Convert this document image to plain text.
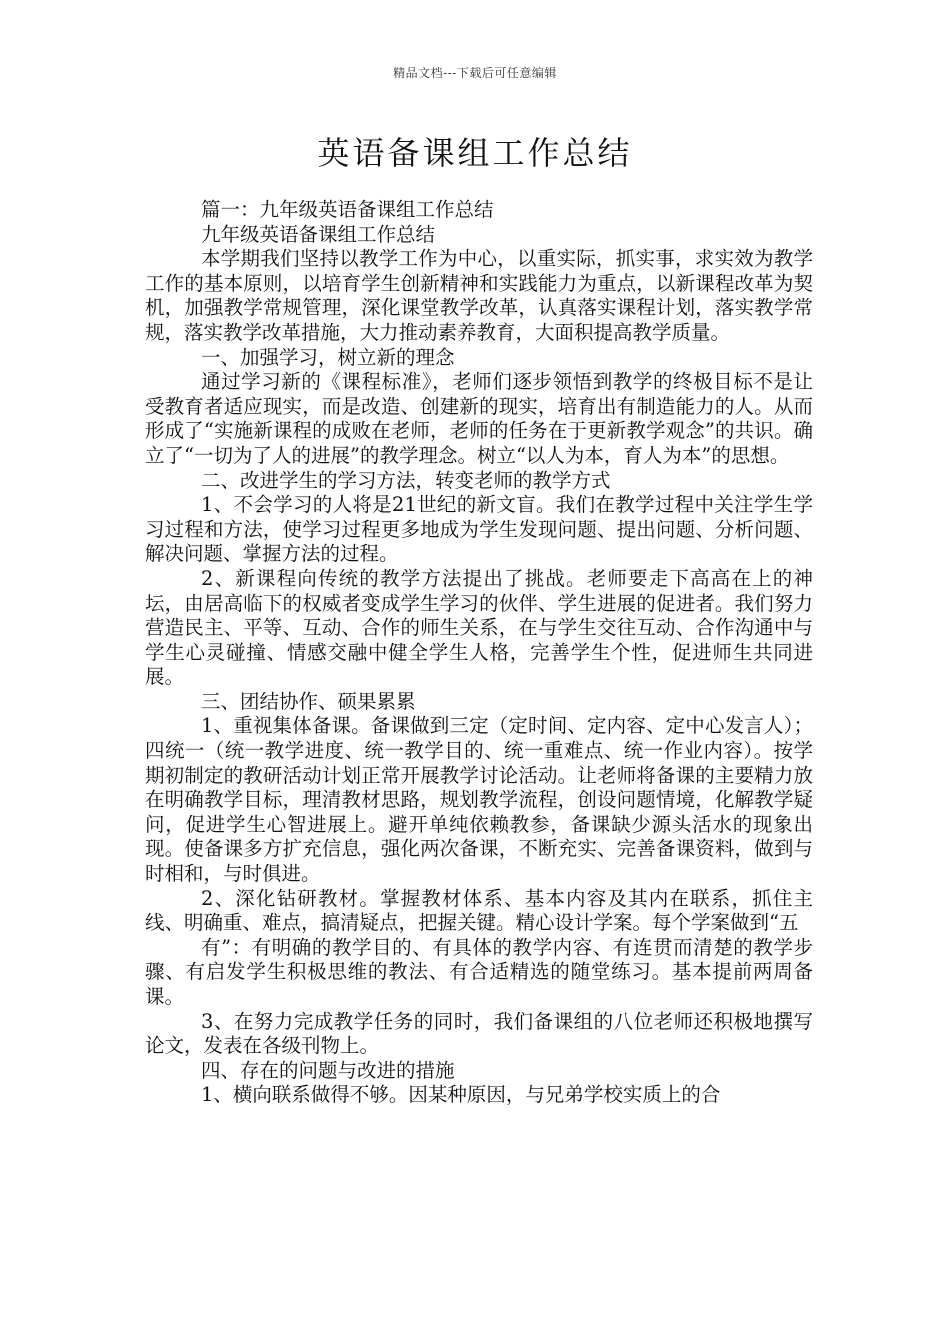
精品文档---下载后可任意编辑
英语备课组工作总结

篇一：九年级英语备课组工作总结

九年级英语备课组工作总结

本学期我们坚持以教学工作为中心，以重实际，抓实事，求实效为教学工作的基本原则，以培育学生创新精神和实践能力为重点，以新课程改革为契机，加强教学常规管理，深化课堂教学改革，认真落实课程计划，落实教学常规，落实教学改革措施，大力推动素养教育，大面积提高教学质量。

一、加强学习，树立新的理念

通过学习新的《课程标准》，老师们逐步领悟到教学的终极目标不是让受教育者适应现实，而是改造、创建新的现实，培育出有制造能力的人。从而形成了“实施新课程的成败在老师，老师的任务在于更新教学观念”的共识。确立了“一切为了人的进展”的教学理念。树立“以人为本，育人为本”的思想。

二、改进学生的学习方法，转变老师的教学方式

1、不会学习的人将是21世纪的新文盲。我们在教学过程中关注学生学习过程和方法，使学习过程更多地成为学生发现问题、提出问题、分析问题、解决问题、掌握方法的过程。

2、新课程向传统的教学方法提出了挑战。老师要走下高高在上的神坛，由居高临下的权威者变成学生学习的伙伴、学生进展的促进者。我们努力营造民主、平等、互动、合作的师生关系，在与学生交往互动、合作沟通中与学生心灵碰撞、情感交融中健全学生人格，完善学生个性，促进师生共同进展。

三、团结协作、硕果累累

1、重视集体备课。备课做到三定（定时间、定内容、定中心发言人）；四统一（统一教学进度、统一教学目的、统一重难点、统一作业内容）。按学期初制定的教研活动计划正常开展教学讨论活动。让老师将备课的主要精力放在明确教学目标，理清教材思路，规划教学流程，创设问题情境，化解教学疑问，促进学生心智进展上。避开单纯依赖教参，备课缺少源头活水的现象出现。使备课多方扩充信息，强化两次备课，不断充实、完善备课资料，做到与时相和，与时俱进。

2、深化钻研教材。掌握教材体系、基本内容及其内在联系，抓住主线、明确重、难点，搞清疑点，把握关键。精心设计学案。每个学案做到“五

有”：有明确的教学目的、有具体的教学内容、有连贯而清楚的教学步骤、有启发学生积极思维的教法、有合适精选的随堂练习。基本提前两周备课。

3、在努力完成教学任务的同时，我们备课组的八位老师还积极地撰写论文，发表在各级刊物上。

四、存在的问题与改进的措施

1、横向联系做得不够。因某种原因，与兄弟学校实质上的合
